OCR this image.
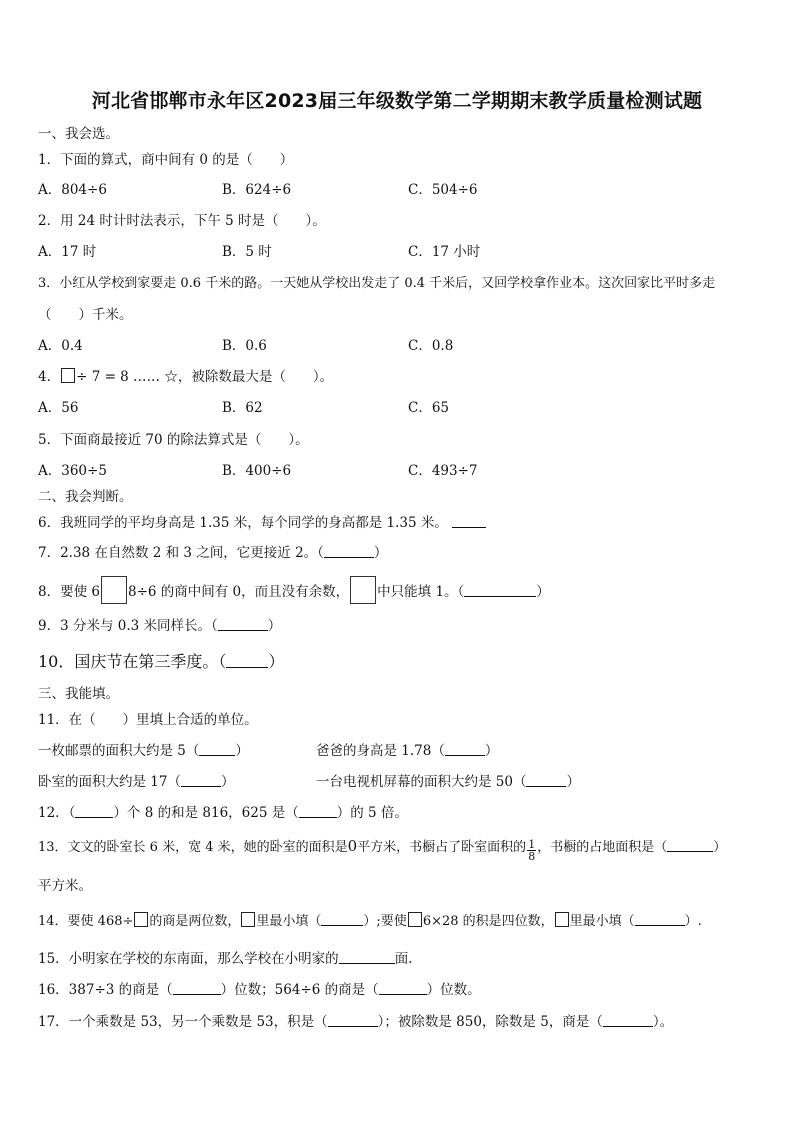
河北省邯郸市永年区2023届三年级数学第二学期期末教学质量检测试题
一、我会选。
1．下面的算式，商中间有 0 的是（　　）
A．804÷6	B．624÷6	C．504÷6
2．用 24 时计时法表示，下午 5 时是（　　）。
A．17 时	B．5 时	C．17 小时
3．小红从学校到家要走 0.6 千米的路。一天她从学校出发走了 0.4 千米后，又回学校拿作业本。这次回家比平时多走
（　　）千米。
A．0.4	B．0.6	C．0.8
4． ÷ 7 = 8 …… ☆，被除数最大是（　　）。
A．56	B．62	C．65
5．下面商最接近 70 的除法算式是（　　）。
A．360÷5	B．400÷6	C．493÷7
二、我会判断。
6．我班同学的平均身高是 1.35 米，每个同学的身高都是 1.35 米。
7．2.38 在自然数 2 和 3 之间，它更接近 2。（	）
8．要使 6 8÷6 的商中间有 0，而且没有余数， 中只能填 1。（	）
9．3 分米与 0.3 米同样长。（	）
10．国庆节在第三季度。（	）
三、我能填。
11．在（　　）里填上合适的单位。
一枚邮票的面积大约是 5（	）	爸爸的身高是 1.78（	）
卧室的面积大约是 17（	）	一台电视机屏幕的面积大约是 50（	）
12．（	）个 8 的和是 816，625 是（	）的 5 倍。
13．文文的卧室长 6 米，宽 4 米，她的卧室的面积是0平方米，书橱占了卧室面积的 $\frac{1}{8}$ ，书橱的占地面积是（	）
平方米。
14．要使 468÷ 的商是两位数， 里最小填（	）;要使 6×28 的积是四位数， 里最小填（	）.
15．小明家在学校的东南面，那么学校在小明家的	面.
16．387÷3 的商是（	）位数；564÷6 的商是（	）位数。
17．一个乘数是 53，另一个乘数是 53，积是（	）；被除数是 850，除数是 5，商是（	）。
